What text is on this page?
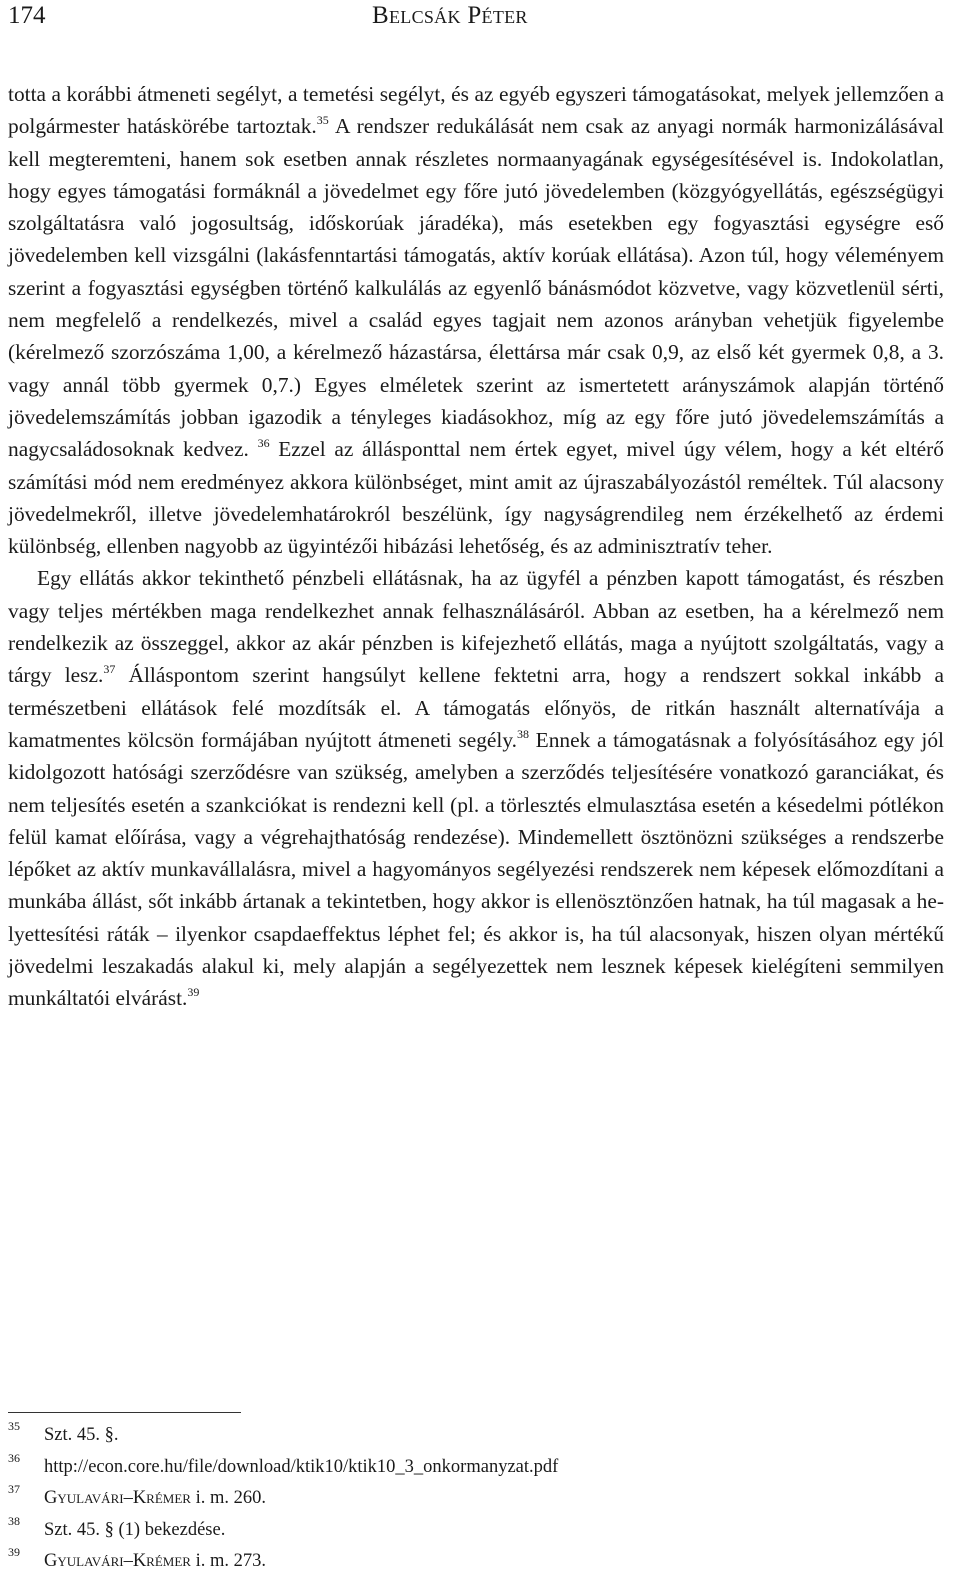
174	Belcsák Péter

totta a korábbi átmeneti segélyt, a temetési segélyt, és az egyéb egyszeri támogatásokat, melyek jellemzően a polgármester hatáskörébe tartoztak.$^{35}$ A rendszer redukálását nem csak az anyagi normák harmonizálásával kell megteremteni, hanem sok esetben annak részletes normaanyagának egységesítésével is. Indokolatlan, hogy egyes támogatási formáknál a jövedelmet egy főre jutó jövedelemben (közgyógyellátás, egészségügyi szolgáltatásra való jogosultság, időskorúak járadéka), más esetekben egy fogyasztási egységre eső jövedelemben kell vizsgálni (lakásfenntartási támogatás, aktív korúak ellátása). Azon túl, hogy véleményem szerint a fogyasztási egységben történő kalkulálás az egyenlő bánásmódot közvetve, vagy közvetlenül sérti, nem megfelelő a rendelkezés, mivel a család egyes tagjait nem azonos arányban vehetjük figyelembe (kérelmező szorzószáma 1,00, a kérelmező házastársa, élettársa már csak 0,9, az első két gyermek 0,8, a 3. vagy annál több gyermek 0,7.) Egyes elméletek szerint az ismertetett arányszámok alapján történő jövedelemszámítás jobban igazodik a tényleges kiadásokhoz, míg az egy főre jutó jövedelemszámítás a nagycsaládosoknak kedvez. $^{36}$ Ezzel az állásponttal nem értek egyet, mivel úgy vélem, hogy a két eltérő számítási mód nem eredményez akkora különbséget, mint amit az újraszabályozástól reméltek. Túl alacsony jövedelmekről, illetve jövedelemhatárokról beszélünk, így nagyságrendileg nem érzékelhető az érdemi különbség, ellenben nagyobb az ügyintézői hibázási lehetőség, és az adminisztratív teher.

Egy ellátás akkor tekinthető pénzbeli ellátásnak, ha az ügyfél a pénzben kapott támogatást, és részben vagy teljes mértékben maga rendelkezhet annak felhasználásáról. Abban az esetben, ha a kérelmező nem rendelkezik az összeggel, akkor az akár pénzben is kifejezhető ellátás, maga a nyújtott szolgáltatás, vagy a tárgy lesz.$^{37}$ Álláspontom szerint hangsúlyt kellene fektetni arra, hogy a rendszert sokkal inkább a természetbeni ellátások felé mozdítsák el. A támogatás előnyös, de ritkán használt alternatívája a kamatmentes kölcsön formájában nyújtott átmeneti segély.$^{38}$ Ennek a támogatásnak a folyósításához egy jól kidolgozott hatósági szerződésre van szükség, amelyben a szerződés teljesítésére vonatkozó garanciákat, és nem teljesítés esetén a szankciókat is rendezni kell (pl. a törlesztés elmulasztása esetén a késedelmi pótlékon felül kamat előírása, vagy a végrehajthatóság rendezése). Mindemellett ösztönözni szükséges a rendszerbe lépőket az aktív munkavállalásra, mivel a hagyományos segélyezési rendszerek nem képesek előmozdítani a munkába állást, sőt inkább ártanak a tekintetben, hogy akkor is ellenösztönzően hatnak, ha túl magasak a helyettesítési ráták – ilyenkor csapdaeffektus léphet fel; és akkor is, ha túl alacsonyak, hiszen olyan mértékű jövedelmi leszakadás alakul ki, mely alapján a segélyezettek nem lesznek képesek kielégíteni semmilyen munkáltatói elvárást.$^{39}$

35 Szt. 45. §.
36 http://econ.core.hu/file/download/ktik10/ktik10_3_onkormanyzat.pdf
37 Gyulavári–Krémer i. m. 260.
38 Szt. 45. § (1) bekezdése.
39 Gyulavári–Krémer i. m. 273.
